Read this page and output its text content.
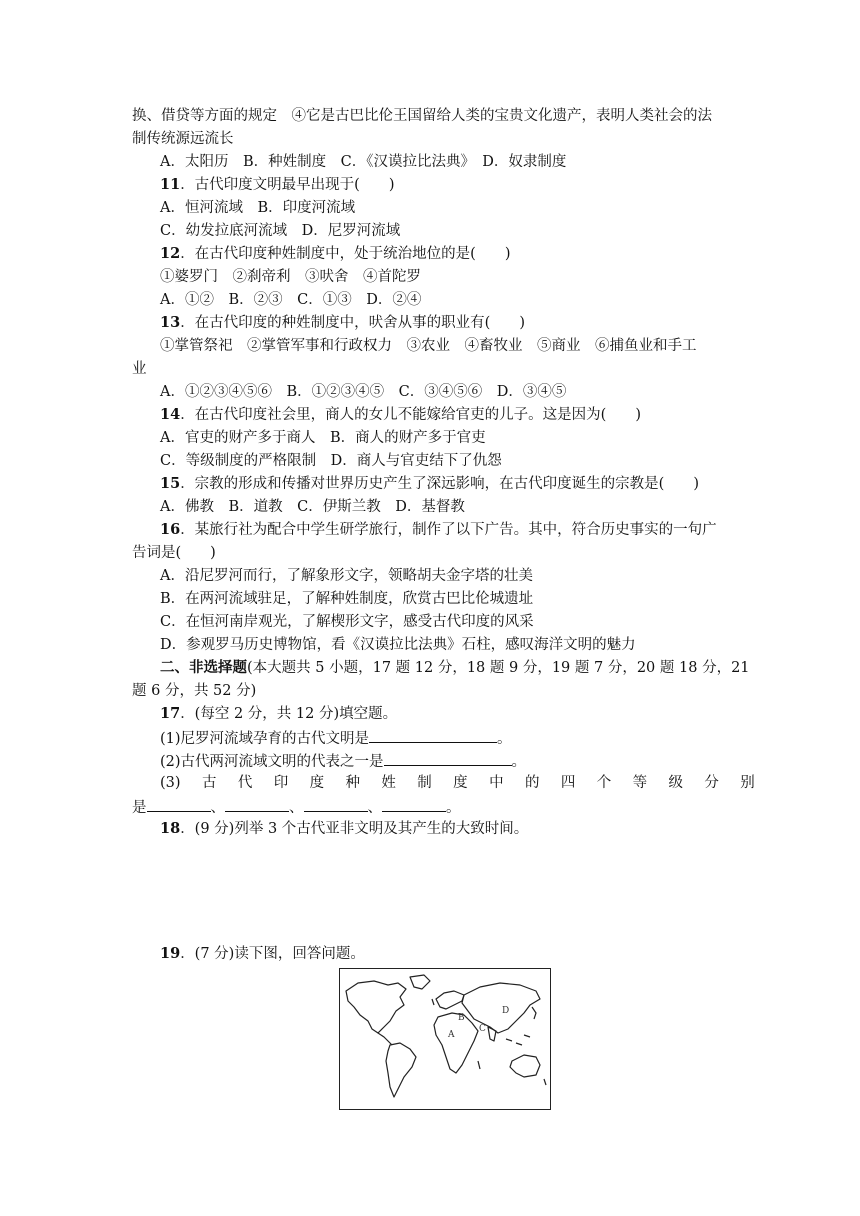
换、借贷等方面的规定　④它是古巴比伦王国留给人类的宝贵文化遗产，表明人类社会的法
制传统源远流长
A．太阳历　B．种姓制度　C．《汉谟拉比法典》　D．奴隶制度
11．古代印度文明最早出现于(　　)
A．恒河流域　B．印度河流域
C．幼发拉底河流域　D．尼罗河流域
12．在古代印度种姓制度中，处于统治地位的是(　　)
①婆罗门　②刹帝利　③吠舍　④首陀罗
A．①②　B．②③　C．①③　D．②④
13．在古代印度的种姓制度中，吠舍从事的职业有(　　)
①掌管祭祀　②掌管军事和行政权力　③农业　④畜牧业　⑤商业　⑥捕鱼业和手工
业
A．①②③④⑤⑥　B．①②③④⑤　C．③④⑤⑥　D．③④⑤
14．在古代印度社会里，商人的女儿不能嫁给官吏的儿子。这是因为(　　)
A．官吏的财产多于商人　B．商人的财产多于官吏
C．等级制度的严格限制　D．商人与官吏结下了仇怨
15．宗教的形成和传播对世界历史产生了深远影响，在古代印度诞生的宗教是(　　)
A．佛教　B．道教　C．伊斯兰教　D．基督教
16．某旅行社为配合中学生研学旅行，制作了以下广告。其中，符合历史事实的一句广
告词是(　　)
A．沿尼罗河而行，了解象形文字，领略胡夫金字塔的壮美
B．在两河流域驻足，了解种姓制度，欣赏古巴比伦城遗址
C．在恒河南岸观光，了解楔形文字，感受古代印度的风采
D．参观罗马历史博物馆，看《汉谟拉比法典》石柱，感叹海洋文明的魅力
二、非选择题(本大题共 5 小题，17 题 12 分，18 题 9 分，19 题 7 分，20 题 18 分，21
题 6 分，共 52 分)
17．(每空 2 分，共 12 分)填空题。
(1)尼罗河流域孕育的古代文明是	。
(2)古代两河流域文明的代表之一是	。
(3) 古 代 印 度 种 姓 制 度 中 的 四 个 等 级 分 别
是	、	、	、	。
18．(9 分)列举 3 个古代亚非文明及其产生的大致时间。
19．(7 分)读下图，回答问题。
A
B
C
D
